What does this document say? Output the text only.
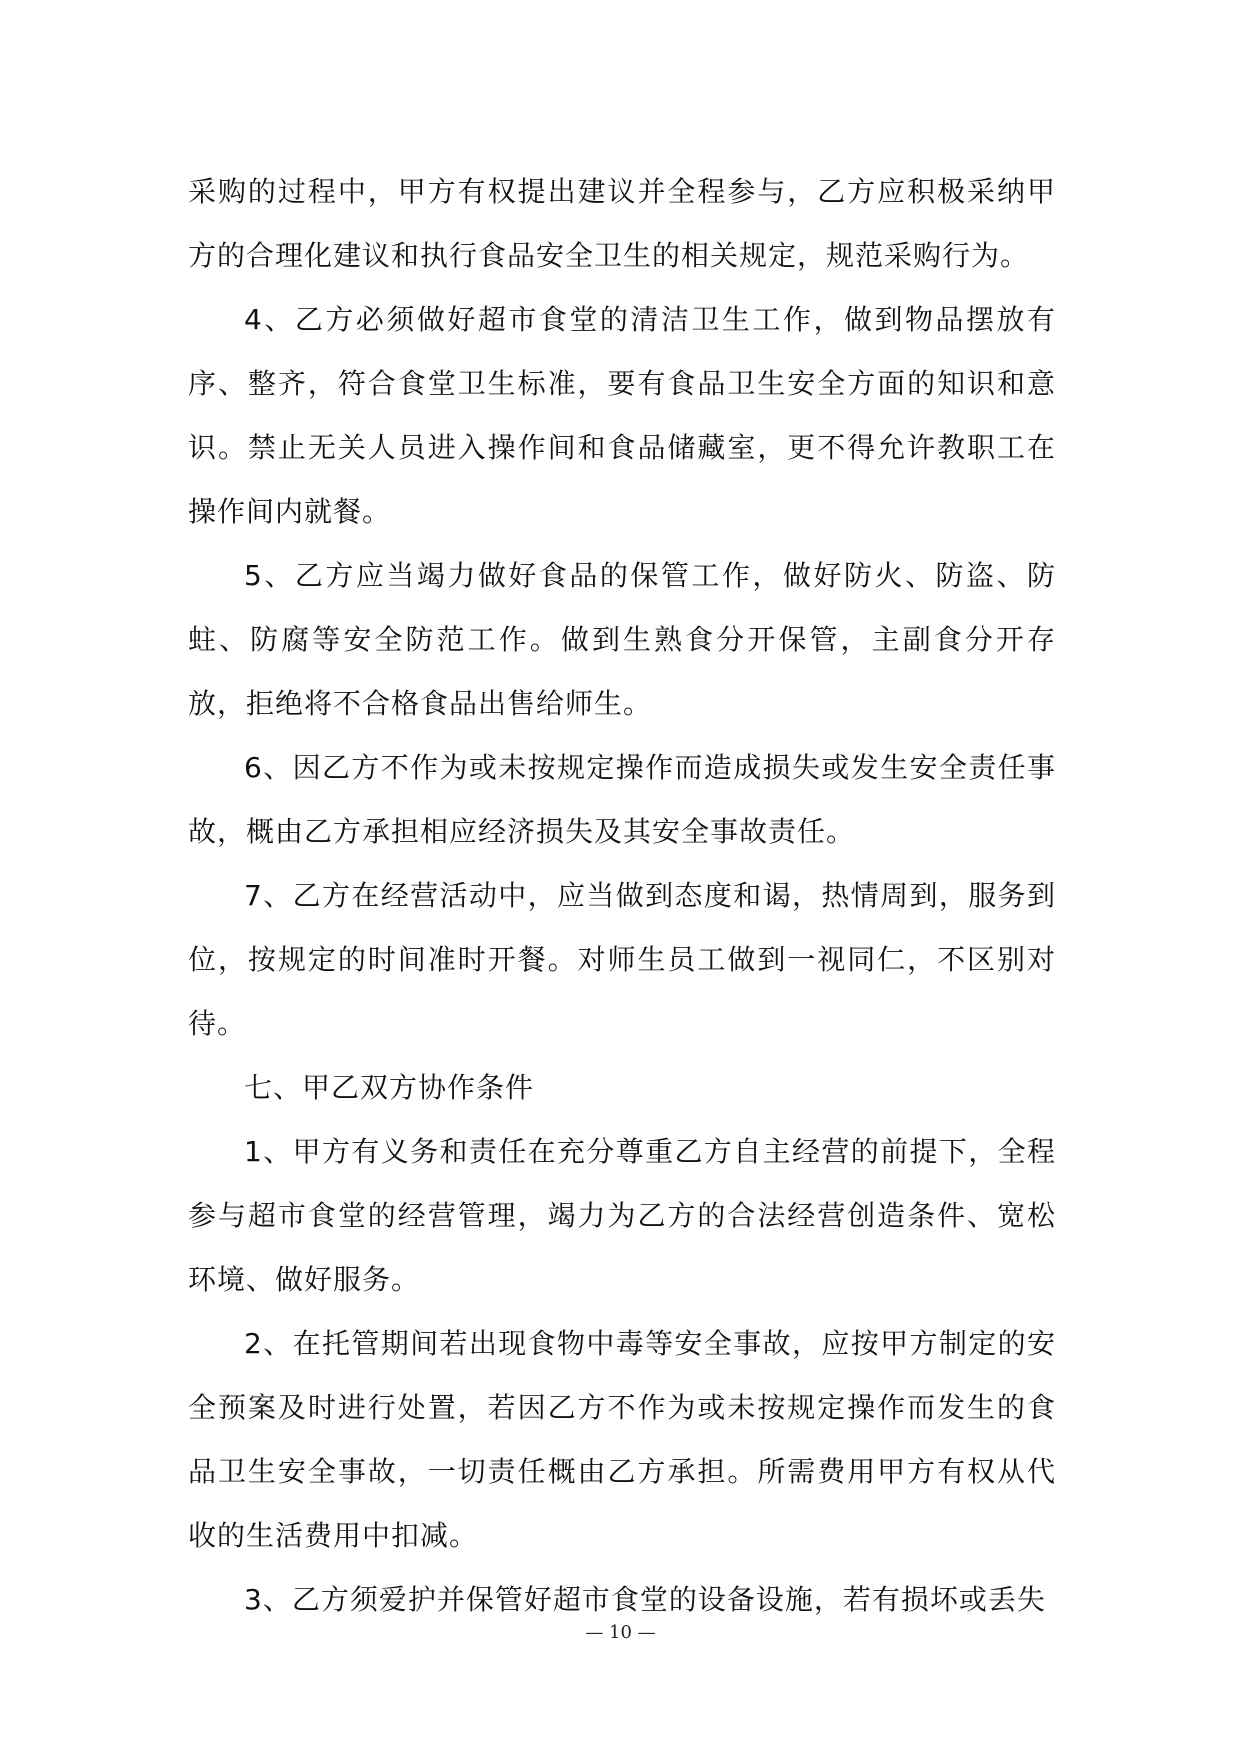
采购的过程中，甲方有权提出建议并全程参与，乙方应积极采纳甲方的合理化建议和执行食品安全卫生的相关规定，规范采购行为。

4、乙方必须做好超市食堂的清洁卫生工作，做到物品摆放有序、整齐，符合食堂卫生标准，要有食品卫生安全方面的知识和意识。禁止无关人员进入操作间和食品储藏室，更不得允许教职工在操作间内就餐。

5、乙方应当竭力做好食品的保管工作，做好防火、防盗、防蛀、防腐等安全防范工作。做到生熟食分开保管，主副食分开存放，拒绝将不合格食品出售给师生。

6、因乙方不作为或未按规定操作而造成损失或发生安全责任事故，概由乙方承担相应经济损失及其安全事故责任。

7、乙方在经营活动中，应当做到态度和谒，热情周到，服务到位，按规定的时间准时开餐。对师生员工做到一视同仁，不区别对待。

七、甲乙双方协作条件

1、甲方有义务和责任在充分尊重乙方自主经营的前提下，全程参与超市食堂的经营管理，竭力为乙方的合法经营创造条件、宽松环境、做好服务。

2、在托管期间若出现食物中毒等安全事故，应按甲方制定的安全预案及时进行处置，若因乙方不作为或未按规定操作而发生的食品卫生安全事故，一切责任概由乙方承担。所需费用甲方有权从代收的生活费用中扣减。

3、乙方须爱护并保管好超市食堂的设备设施，若有损坏或丢失

— 10 —
